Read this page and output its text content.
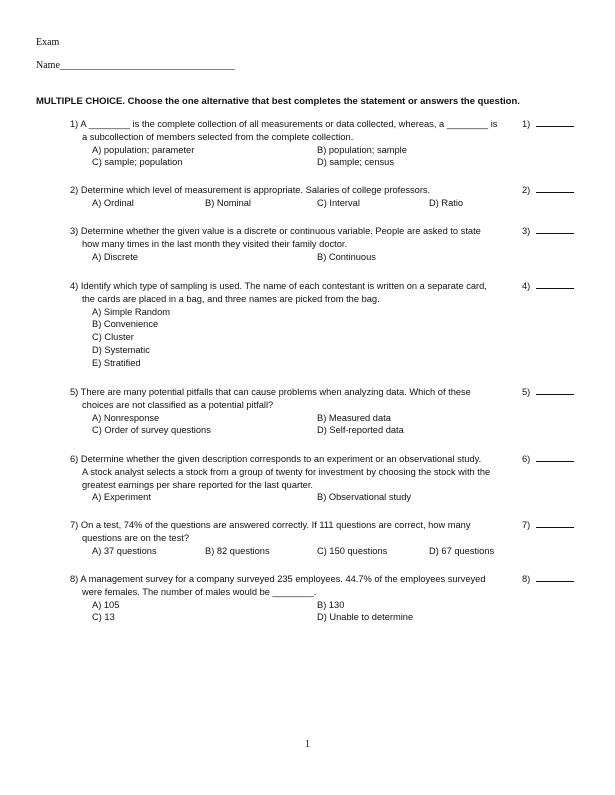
Exam
Name___________________________________
MULTIPLE CHOICE. Choose the one alternative that best completes the statement or answers the question.
1) A ________ is the complete collection of all measurements or data collected, whereas, a ________ is
a subcollection of members selected from the complete collection.
A) population; parameter	B) population; sample
C) sample; population	D) sample; census
1)
2) Determine which level of measurement is appropriate. Salaries of college professors.
A) Ordinal	B) Nominal	C) Interval	D) Ratio
2)
3) Determine whether the given value is a discrete or continuous variable. People are asked to state
how many times in the last month they visited their family doctor.
A) Discrete	B) Continuous
3)
4) Identify which type of sampling is used. The name of each contestant is written on a separate card,
the cards are placed in a bag, and three names are picked from the bag.
A) Simple Random
B) Convenience
C) Cluster
D) Systematic
E) Stratified
4)
5) There are many potential pitfalls that can cause problems when analyzing data. Which of these
choices are not classified as a potential pitfall?
A) Nonresponse	B) Measured data
C) Order of survey questions	D) Self-reported data
5)
6) Determine whether the given description corresponds to an experiment or an observational study.
A stock analyst selects a stock from a group of twenty for investment by choosing the stock with the
greatest earnings per share reported for the last quarter.
A) Experiment	B) Observational study
6)
7) On a test, 74% of the questions are answered correctly. If 111 questions are correct, how many
questions are on the test?
A) 37 questions	B) 82 questions	C) 150 questions	D) 67 questions
7)
8) A management survey for a company surveyed 235 employees. 44.7% of the employees surveyed
were females. The number of males would be ________.
A) 105	B) 130
C) 13	D) Unable to determine
8)
1
